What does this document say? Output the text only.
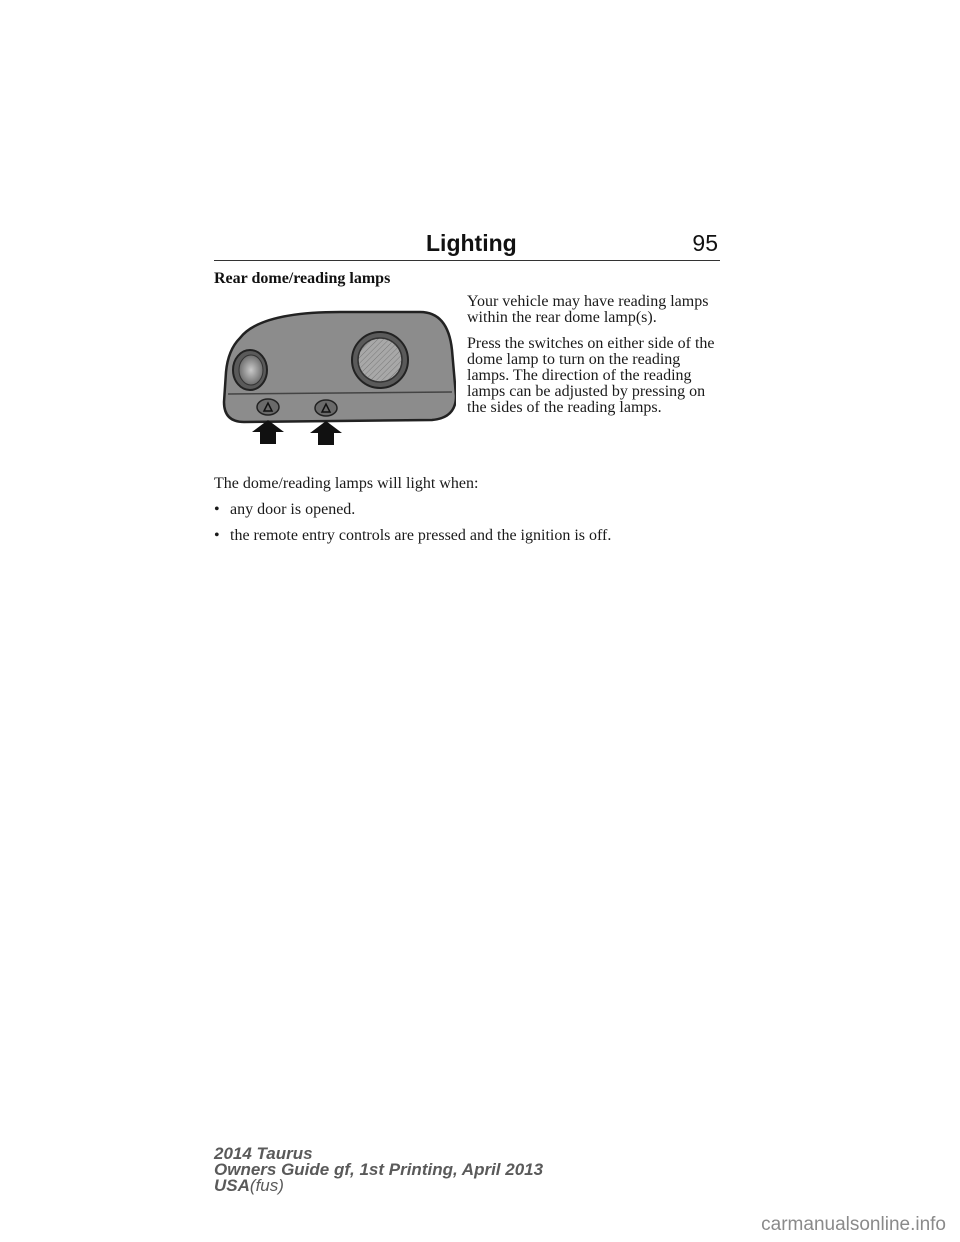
Lighting	95
Rear dome/reading lamps

Your vehicle may have reading lamps within the rear dome lamp(s).

Press the switches on either side of the dome lamp to turn on the reading lamps. The direction of the reading lamps can be adjusted by pressing on the sides of the reading lamps.

The dome/reading lamps will light when:

• any door is opened.
• the remote entry controls are pressed and the ignition is off.
2014 Taurus
Owners Guide gf, 1st Printing, April 2013
USA(fus)
carmanualsonline.info
